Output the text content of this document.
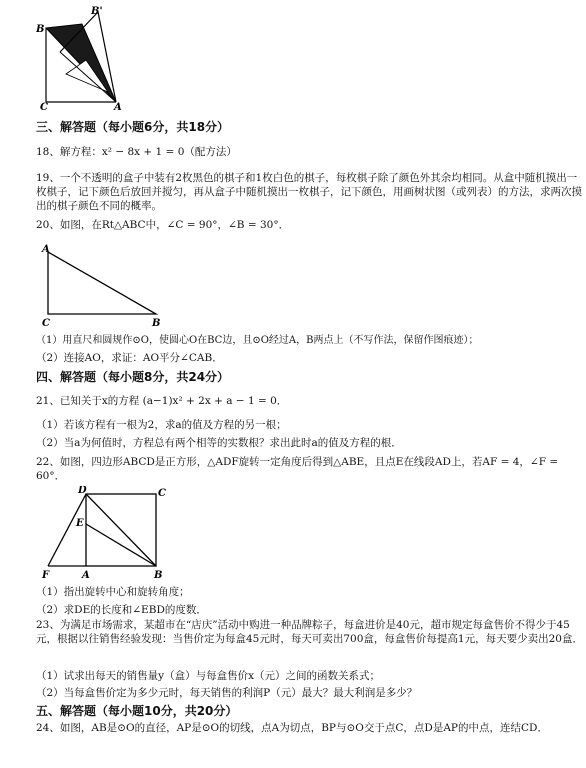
B'
B
C	A
三、解答题（每小题6分，共18分）
18、解方程：x² − 8x + 1 = 0（配方法）
19、一个不透明的盒子中装有2枚黑色的棋子和1枚白色的棋子，每枚棋子除了颜色外其余均相同。从盒中随机摸出一枚棋子，记下颜色后放回并搅匀，再从盒子中随机摸出一枚棋子，记下颜色，用画树状图（或列表）的方法，求两次摸出的棋子颜色不同的概率。
20、如图，在Rt△ABC中，∠C = 90°，∠B = 30°．
A
C	B
（1）用直尺和圆规作⊙O，使圆心O在BC边，且⊙O经过A，B两点上（不写作法，保留作图痕迹）；
（2）连接AO，求证：AO平分∠CAB．
四、解答题（每小题8分，共24分）
21、已知关于x的方程 (a−1)x² + 2x + a − 1 = 0．
（1）若该方程有一根为2，求a的值及方程的另一根；
（2）当a为何值时，方程总有两个相等的实数根？求出此时a的值及方程的根．
22、如图，四边形ABCD是正方形，△ADF旋转一定角度后得到△ABE，且点E在线段AD上，若AF = 4，∠F = 60°．
D	C
E
F	A	B
（1）指出旋转中心和旋转角度；
（2）求DE的长度和∠EBD的度数．
23、为满足市场需求，某超市在“店庆”活动中购进一种品牌粽子，每盒进价是40元，超市规定每盒售价不得少于45元，根据以往销售经验发现：当售价定为每盒45元时，每天可卖出700盒，每盒售价每提高1元，每天要少卖出20盒．
（1）试求出每天的销售量y（盒）与每盒售价x（元）之间的函数关系式；
（2）当每盒售价定为多少元时，每天销售的利润P（元）最大？最大利润是多少？
五、解答题（每小题10分，共20分）
24、如图，AB是⊙O的直径，AP是⊙O的切线，点A为切点，BP与⊙O交于点C，点D是AP的中点，连结CD．
